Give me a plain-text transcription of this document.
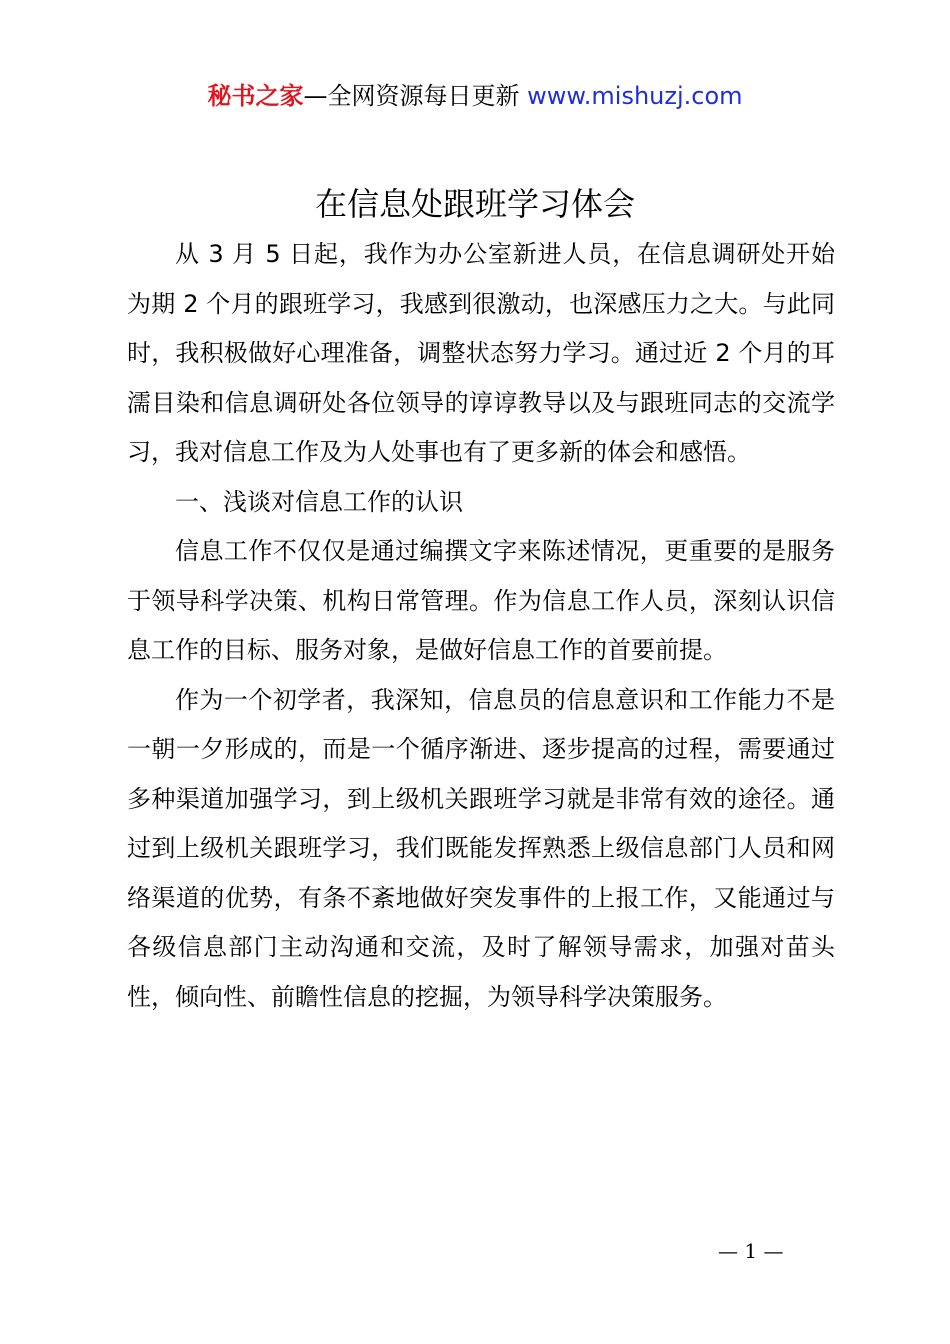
秘书之家—全网资源每日更新 www.mishuzj.com
在信息处跟班学习体会

从 3 月 5 日起，我作为办公室新进人员，在信息调研处开始为期 2 个月的跟班学习，我感到很激动，也深感压力之大。与此同时，我积极做好心理准备，调整状态努力学习。通过近 2 个月的耳濡目染和信息调研处各位领导的谆谆教导以及与跟班同志的交流学习，我对信息工作及为人处事也有了更多新的体会和感悟。

一、浅谈对信息工作的认识

信息工作不仅仅是通过编撰文字来陈述情况，更重要的是服务于领导科学决策、机构日常管理。作为信息工作人员，深刻认识信息工作的目标、服务对象，是做好信息工作的首要前提。

作为一个初学者，我深知，信息员的信息意识和工作能力不是一朝一夕形成的，而是一个循序渐进、逐步提高的过程，需要通过多种渠道加强学习，到上级机关跟班学习就是非常有效的途径。通过到上级机关跟班学习，我们既能发挥熟悉上级信息部门人员和网络渠道的优势，有条不紊地做好突发事件的上报工作，又能通过与各级信息部门主动沟通和交流，及时了解领导需求，加强对苗头性，倾向性、前瞻性信息的挖掘，为领导科学决策服务。

— 1 —
